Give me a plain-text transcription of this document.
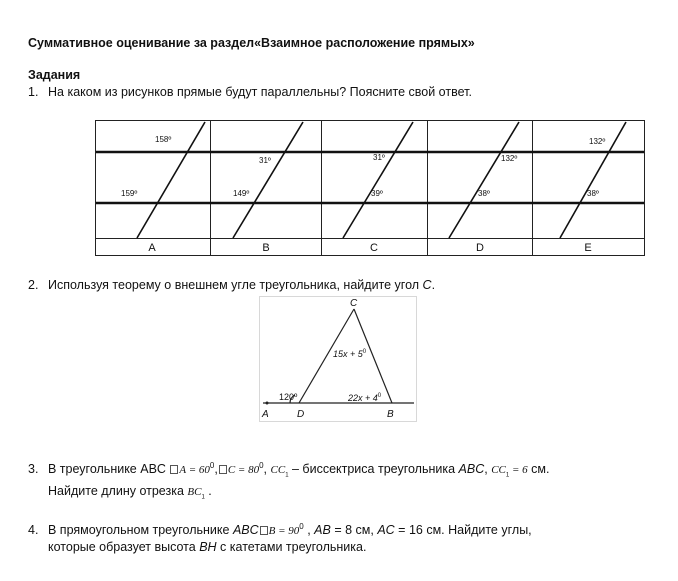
Суммативное оценивание за раздел«Взаимное расположение прямых»
Задания
1. На каком из рисунков прямые будут параллельны? Поясните свой ответ.
158º
159º
31º
149º
31º
39º
132º
38º
132º
38º
A	B	C	D	E
2. Используя теорему о внешнем угле треугольника, найдите угол C.
C
A	D	B
120º
$15x + 5^0$
$22x + 4^0$
3. В треугольнике ABC $A = 60^0$, $C = 80^0$, $CC_1$ – биссектриса треугольника ABC, $CC_1 = 6$ см.
Найдите длину отрезка $BC_1$ .
4. В прямоугольном треугольнике ABC $B = 90^0$ , AB = 8 см, AC = 16 см. Найдите углы,
которые образует высота BH с катетами треугольника.
